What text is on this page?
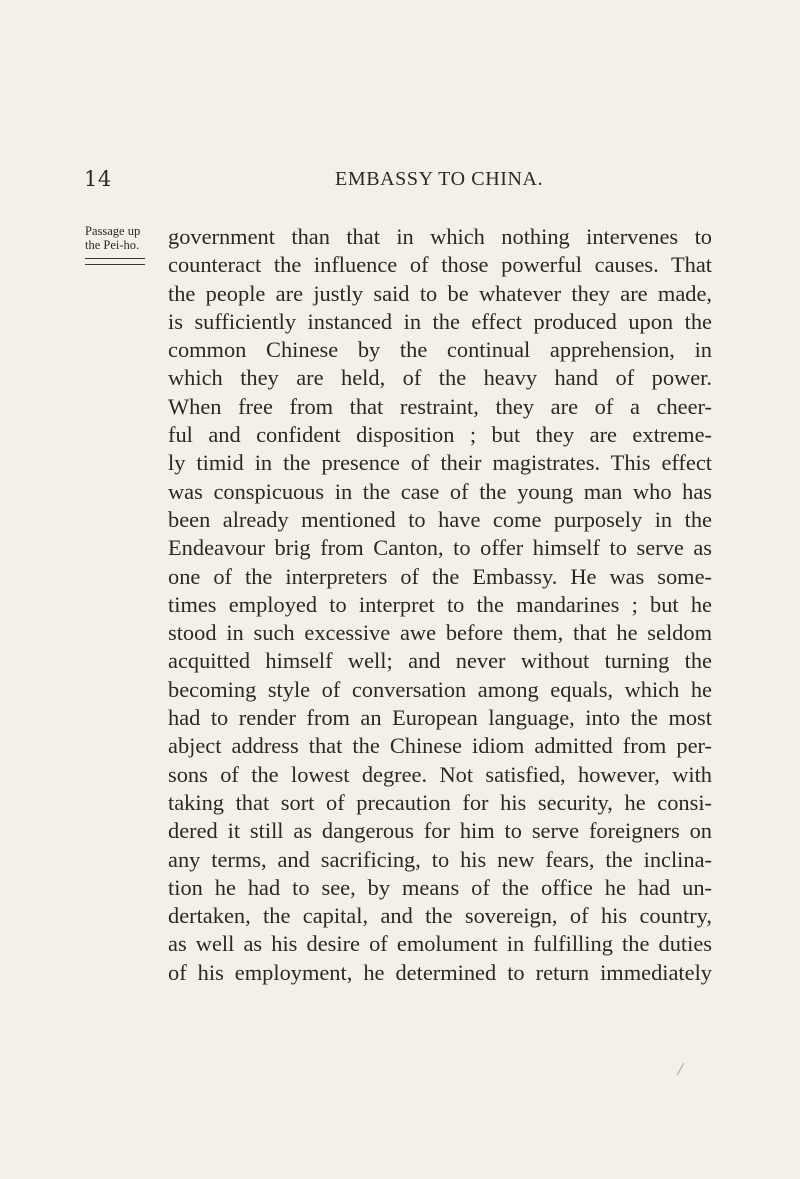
14	EMBASSY TO CHINA.
Passage up
the Pei-ho.	government than that in which nothing intervenes to
counteract the influence of those powerful causes. That
the people are justly said to be whatever they are made,
is sufficiently instanced in the effect produced upon the
common Chinese by the continual apprehension, in
which they are held, of the heavy hand of power.
When free from that restraint, they are of a cheer-
ful and confident disposition ; but they are extreme-
ly timid in the presence of their magistrates. This effect
was conspicuous in the case of the young man who has
been already mentioned to have come purposely in the
Endeavour brig from Canton, to offer himself to serve as
one of the interpreters of the Embassy. He was some-
times employed to interpret to the mandarines ; but he
stood in such excessive awe before them, that he seldom
acquitted himself well; and never without turning the
becoming style of conversation among equals, which he
had to render from an European language, into the most
abject address that the Chinese idiom admitted from per-
sons of the lowest degree. Not satisfied, however, with
taking that sort of precaution for his security, he consi-
dered it still as dangerous for him to serve foreigners on
any terms, and sacrificing, to his new fears, the inclina-
tion he had to see, by means of the office he had un-
dertaken, the capital, and the sovereign, of his country,
as well as his desire of emolument in fulfilling the duties
of his employment, he determined to return immediately
